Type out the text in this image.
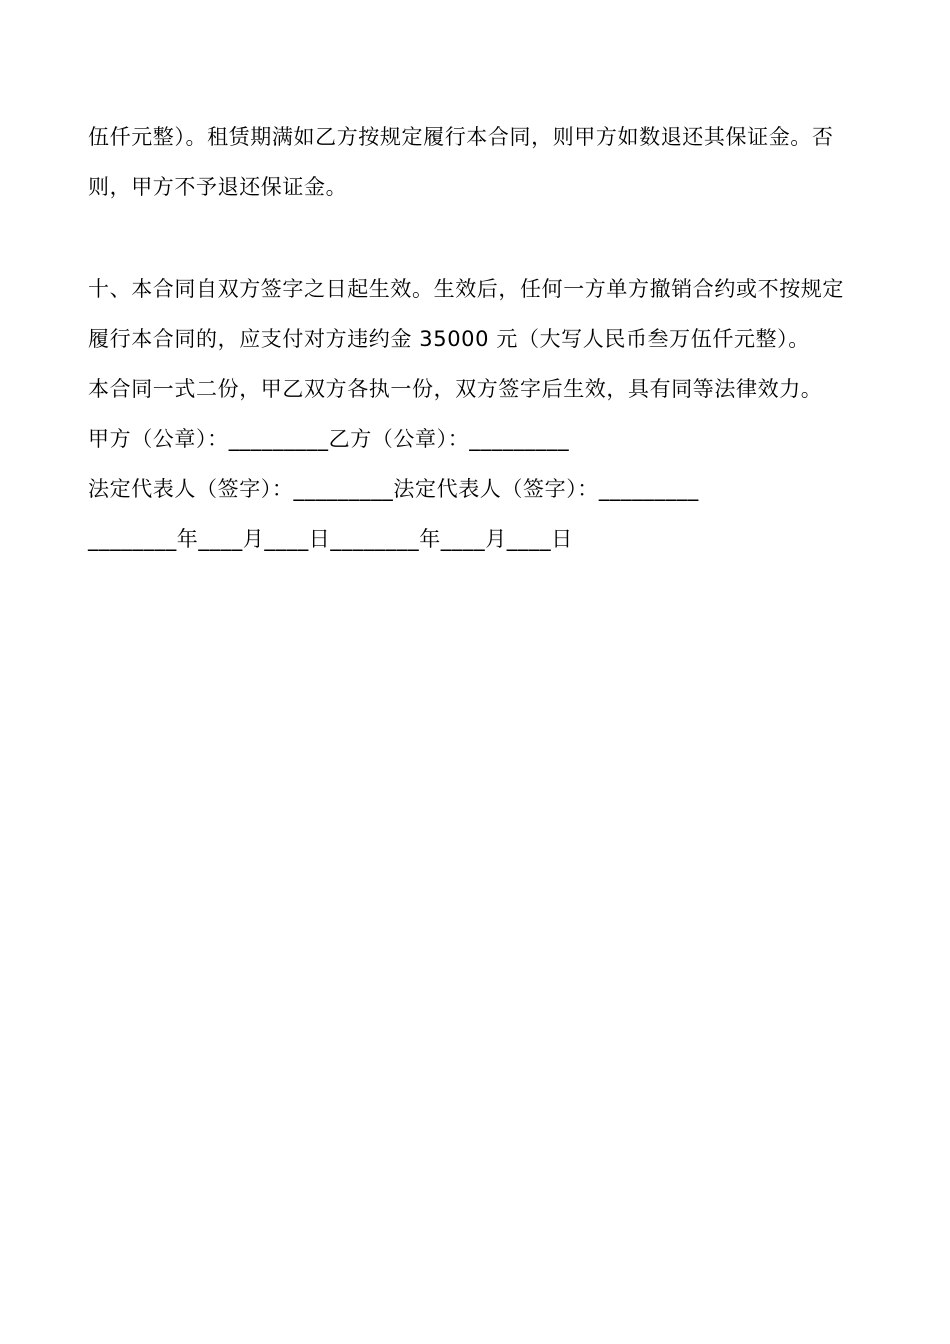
伍仟元整）。租赁期满如乙方按规定履行本合同，则甲方如数退还其保证金。否则，甲方不予退还保证金。

十、本合同自双方签字之日起生效。生效后，任何一方单方撤销合约或不按规定履行本合同的，应支付对方违约金 35000 元（大写人民币叁万伍仟元整）。

本合同一式二份，甲乙双方各执一份，双方签字后生效，具有同等法律效力。

甲方（公章）：_________乙方（公章）：_________
法定代表人（签字）：_________法定代表人（签字）：_________
________年____月____日________年____月____日
